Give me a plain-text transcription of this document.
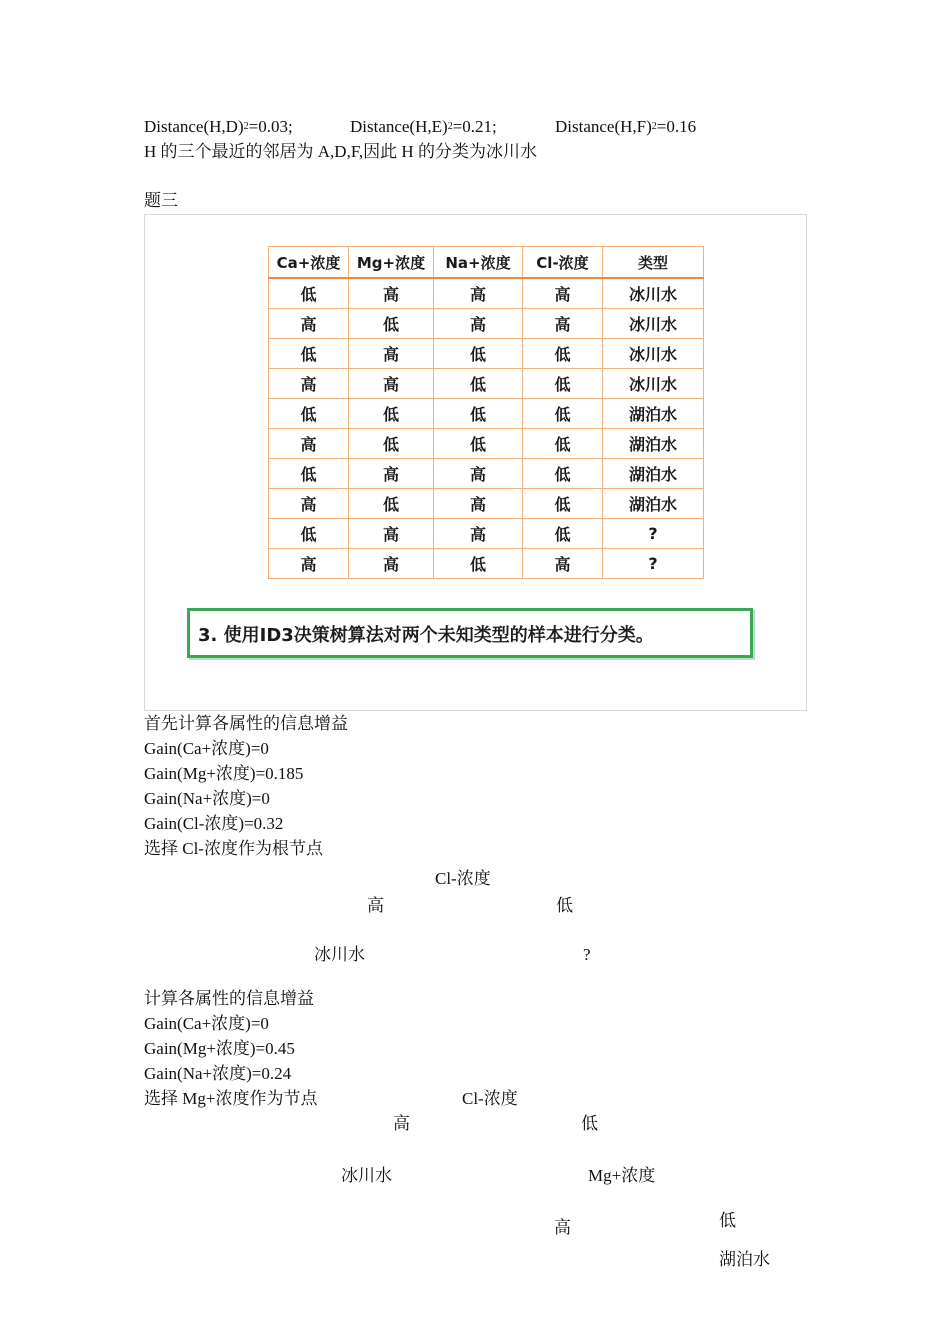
$Distance(H,D)^2=0.03$;	$Distance(H,E)^2=0.21$;	$Distance(H,F)^2=0.16$
H 的三个最近的邻居为 A,D,F,因此 H 的分类为冰川水
题三
Ca+浓度	Mg+浓度	Na+浓度	Cl-浓度	类型
低	高	高	高	冰川水
高	低	高	高	冰川水
低	高	低	低	冰川水
高	高	低	低	冰川水
低	低	低	低	湖泊水
高	低	低	低	湖泊水
低	高	高	低	湖泊水
高	低	高	低	湖泊水
低	高	高	低	?
高	高	低	高	?
3. 使用ID3决策树算法对两个未知类型的样本进行分类。
首先计算各属性的信息增益
Gain(Ca+浓度)=0
Gain(Mg+浓度)=0.185
Gain(Na+浓度)=0
Gain(Cl-浓度)=0.32
选择 Cl-浓度作为根节点
Cl-浓度
高	低
冰川水	?
计算各属性的信息增益
Gain(Ca+浓度)=0
Gain(Mg+浓度)=0.45
Gain(Na+浓度)=0.24
选择 Mg+浓度作为节点	Cl-浓度
高	低
冰川水	Mg+浓度
高	低
湖泊水
